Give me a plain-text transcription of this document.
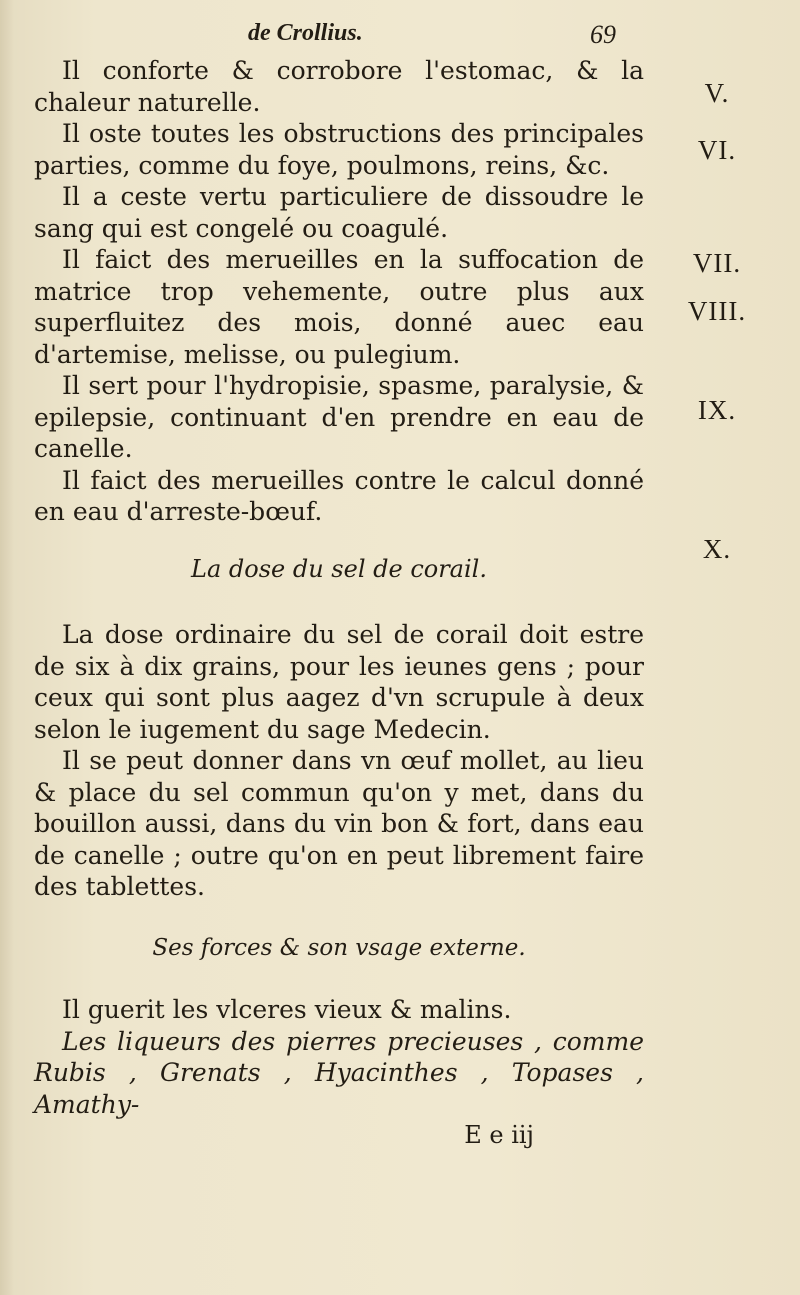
de Crollius.	69

Il conforte & corrobore l'estomac, & la chaleur naturelle.

Il oste toutes les obstructions des principales parties, comme du foye, poulmons, reins, &c.

Il a ceste vertu particuliere de dissoudre le sang qui est congelé ou coagulé.

Il faict des merueilles en la suffocation de matrice trop vehemente, outre plus aux superfluitez des mois, donné auec eau d'artemise, melisse, ou pulegium.

Il sert pour l'hydropisie, spasme, paralysie, & epilepsie, continuant d'en prendre en eau de canelle.

Il faict des merueilles contre le calcul donné en eau d'arreste-bœuf.

La dose du sel de corail.

La dose ordinaire du sel de corail doit estre de six à dix grains, pour les ieunes gens ; pour ceux qui sont plus aagez d'vn scrupule à deux selon le iugement du sage Medecin.

Il se peut donner dans vn œuf mollet, au lieu & place du sel commun qu'on y met, dans du bouillon aussi, dans du vin bon & fort, dans eau de canelle ; outre qu'on en peut librement faire des tablettes.

Ses forces & son vsage externe.

Il guerit les vlceres vieux & malins.

Les liqueurs des pierres precieuses , comme Rubis , Grenats , Hyacinthes , Topases , Amathy-

E e iij
V.
VI.
VII.
VIII.
IX.
X.
